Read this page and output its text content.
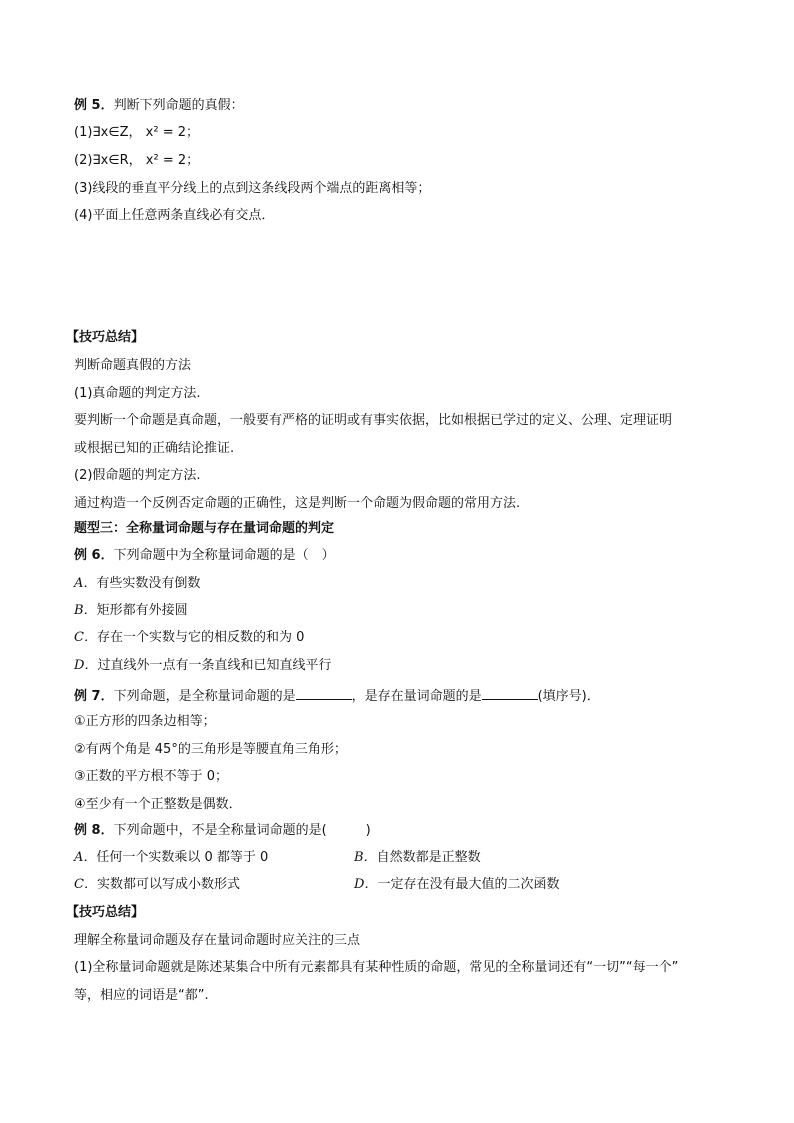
例 5．判断下列命题的真假：
(1)∃x∈Z， x² = 2；
(2)∃x∈R， x² = 2；
(3)线段的垂直平分线上的点到这条线段两个端点的距离相等；
(4)平面上任意两条直线必有交点．
【技巧总结】
判断命题真假的方法
(1)真命题的判定方法.
要判断一个命题是真命题，一般要有严格的证明或有事实依据，比如根据已学过的定义、公理、定理证明
或根据已知的正确结论推证.
(2)假命题的判定方法.
通过构造一个反例否定命题的正确性，这是判断一个命题为假命题的常用方法.
题型三：全称量词命题与存在量词命题的判定
例 6．下列命题中为全称量词命题的是（　）
A．有些实数没有倒数
B．矩形都有外接圆
C．存在一个实数与它的相反数的和为 0
D．过直线外一点有一条直线和已知直线平行
例 7．下列命题，是全称量词命题的是	，是存在量词命题的是	(填序号)．
①正方形的四条边相等；
②有两个角是 45°的三角形是等腰直角三角形；
③正数的平方根不等于 0；
④至少有一个正整数是偶数．
例 8．下列命题中，不是全称量词命题的是(　　　)
A．任何一个实数乘以 0 都等于 0	B．自然数都是正整数
C．实数都可以写成小数形式	D．一定存在没有最大值的二次函数
【技巧总结】
理解全称量词命题及存在量词命题时应关注的三点
(1)全称量词命题就是陈述某集合中所有元素都具有某种性质的命题，常见的全称量词还有“一切”“每一个”
等，相应的词语是“都”.
